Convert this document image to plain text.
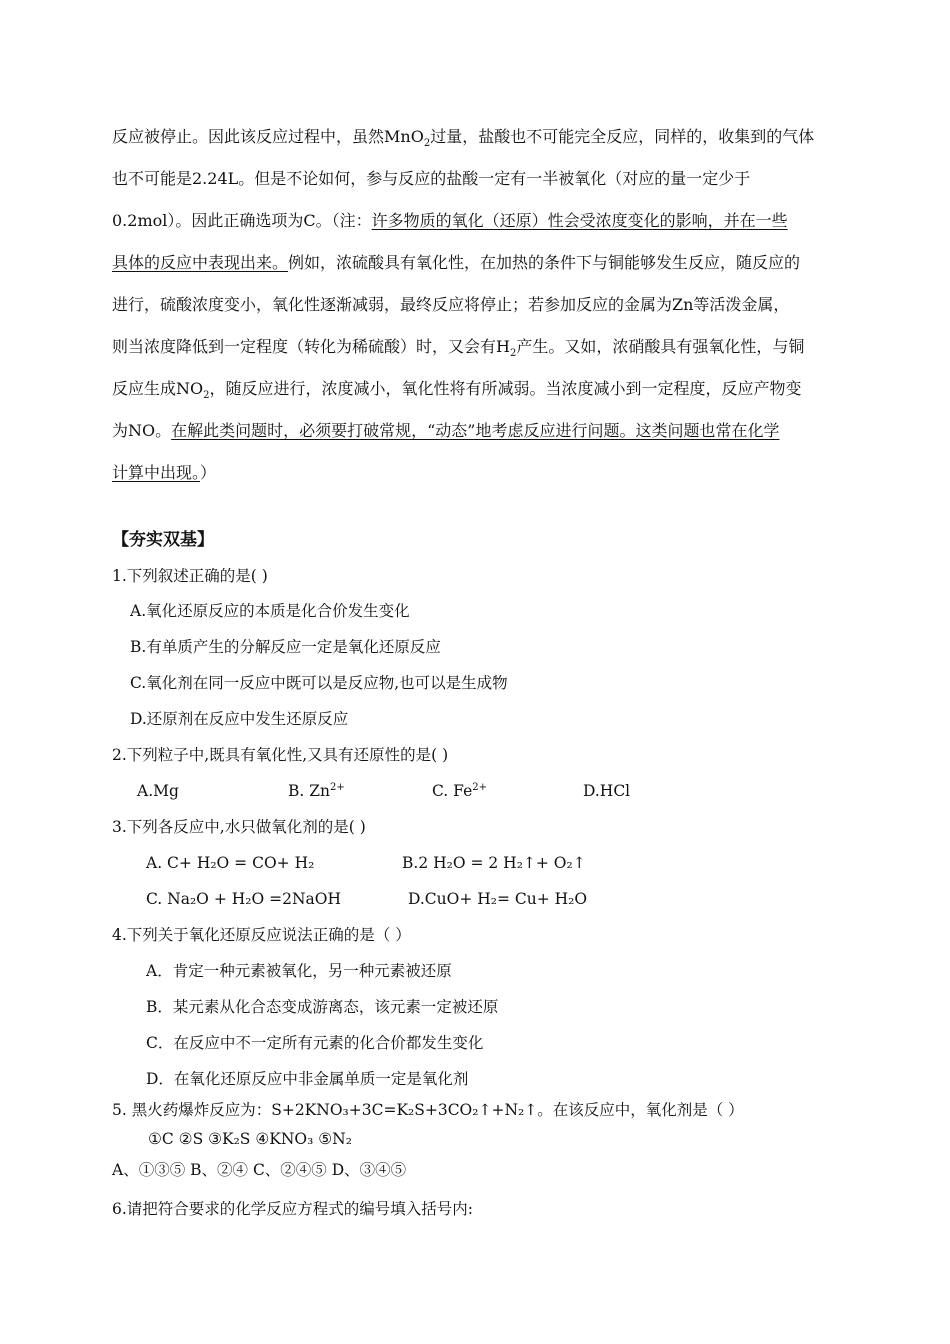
反应被停止。因此该反应过程中，虽然MnO$_2$过量，盐酸也不可能完全反应，同样的，收集到的气体
也不可能是2.24L。但是不论如何，参与反应的盐酸一定有一半被氧化（对应的量一定少于
0.2mol）。因此正确选项为C。（注：许多物质的氧化（还原）性会受浓度变化的影响，并在一些
具体的反应中表现出来。例如，浓硫酸具有氧化性，在加热的条件下与铜能够发生反应，随反应的
进行，硫酸浓度变小，氧化性逐渐减弱，最终反应将停止；若参加反应的金属为Zn等活泼金属，
则当浓度降低到一定程度（转化为稀硫酸）时，又会有$H_2$产生。又如，浓硝酸具有强氧化性，与铜
反应生成$NO_2$，随反应进行，浓度减小，氧化性将有所减弱。当浓度减小到一定程度，反应产物变
为NO。在解此类问题时，必须要打破常规，“动态”地考虑反应进行问题。这类问题也常在化学
计算中出现。）
【夯实双基】
1.下列叙述正确的是( )
A.氧化还原反应的本质是化合价发生变化
B.有单质产生的分解反应一定是氧化还原反应
C.氧化剂在同一反应中既可以是反应物,也可以是生成物
D.还原剂在反应中发生还原反应
2.下列粒子中,既具有氧化性,又具有还原性的是( )
A.Mg	B. $Zn^{2+}$	C. $Fe^{2+}$	D.HCl
3.下列各反应中,水只做氧化剂的是( )
A. C+ H₂O = CO+ H₂	B.2 H₂O = 2 H₂↑+ O₂↑
C. Na₂O + H₂O =2NaOH	D.CuO+ H₂= Cu+ H₂O
4.下列关于氧化还原反应说法正确的是（ ）
A．肯定一种元素被氧化，另一种元素被还原
B．某元素从化合态变成游离态，该元素一定被还原
C．在反应中不一定所有元素的化合价都发生变化
D．在氧化还原反应中非金属单质一定是氧化剂
5. 黑火药爆炸反应为：S+2KNO₃+3C=K₂S+3CO₂↑+N₂↑。在该反应中，氧化剂是（ ）
①C ②S ③K₂S ④KNO₃ ⑤N₂
A、①③⑤ B、②④ C、②④⑤ D、③④⑤
6.请把符合要求的化学反应方程式的编号填入括号内:
